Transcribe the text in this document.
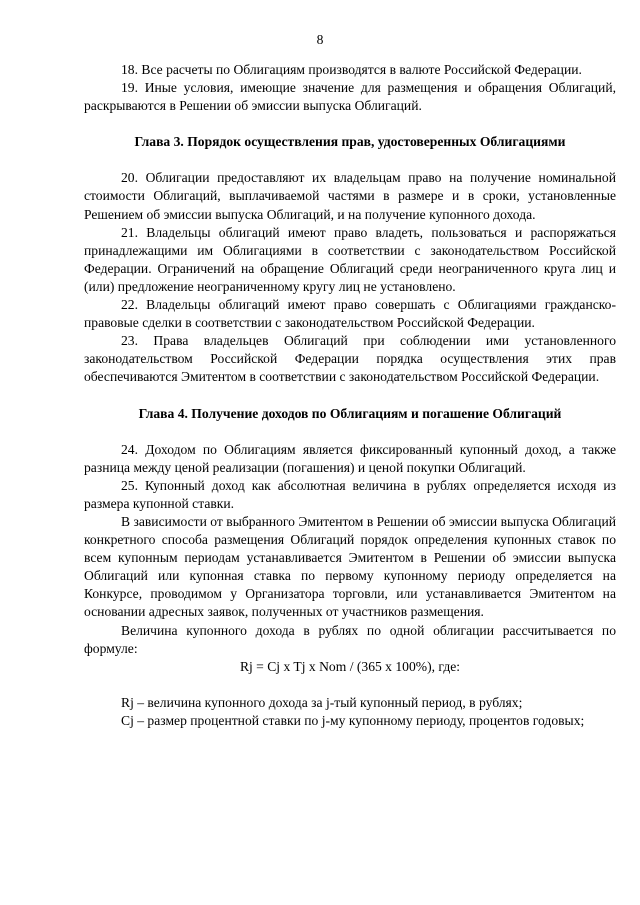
8

18. Все расчеты по Облигациям производятся в валюте Российской Федерации.

19. Иные условия, имеющие значение для размещения и обращения Облигаций, раскрываются в Решении об эмиссии выпуска Облигаций.

Глава 3. Порядок осуществления прав, удостоверенных Облигациями

20. Облигации предоставляют их владельцам право на получение номинальной стоимости Облигаций, выплачиваемой частями в размере и в сроки, установленные Решением об эмиссии выпуска Облигаций, и на получение купонного дохода.

21. Владельцы облигаций имеют право владеть, пользоваться и распоряжаться принадлежащими им Облигациями в соответствии с законодательством Российской Федерации. Ограничений на обращение Облигаций среди неограниченного круга лиц и (или) предложение неограниченному кругу лиц не установлено.

22. Владельцы облигаций имеют право совершать с Облигациями гражданско-правовые сделки в соответствии с законодательством Российской Федерации.

23. Права владельцев Облигаций при соблюдении ими установленного законодательством Российской Федерации порядка осуществления этих прав обеспечиваются Эмитентом в соответствии с законодательством Российской Федерации.

Глава 4. Получение доходов по Облигациям и погашение Облигаций

24. Доходом по Облигациям является фиксированный купонный доход, а также разница между ценой реализации (погашения) и ценой покупки Облигаций.

25. Купонный доход как абсолютная величина в рублях определяется исходя из размера купонной ставки.

В зависимости от выбранного Эмитентом в Решении об эмиссии выпуска Облигаций конкретного способа размещения Облигаций порядок определения купонных ставок по всем купонным периодам устанавливается Эмитентом в Решении об эмиссии выпуска Облигаций или купонная ставка по первому купонному периоду определяется на Конкурсе, проводимом у Организатора торговли, или устанавливается Эмитентом на основании адресных заявок, полученных от участников размещения.

Величина купонного дохода в рублях по одной облигации рассчитывается по формуле:

Rj = Cj x Tj x Nom / (365 x 100%), где:

Rj – величина купонного дохода за j-тый купонный период, в рублях;

Cj – размер процентной ставки по j-му купонному периоду, процентов годовых;
